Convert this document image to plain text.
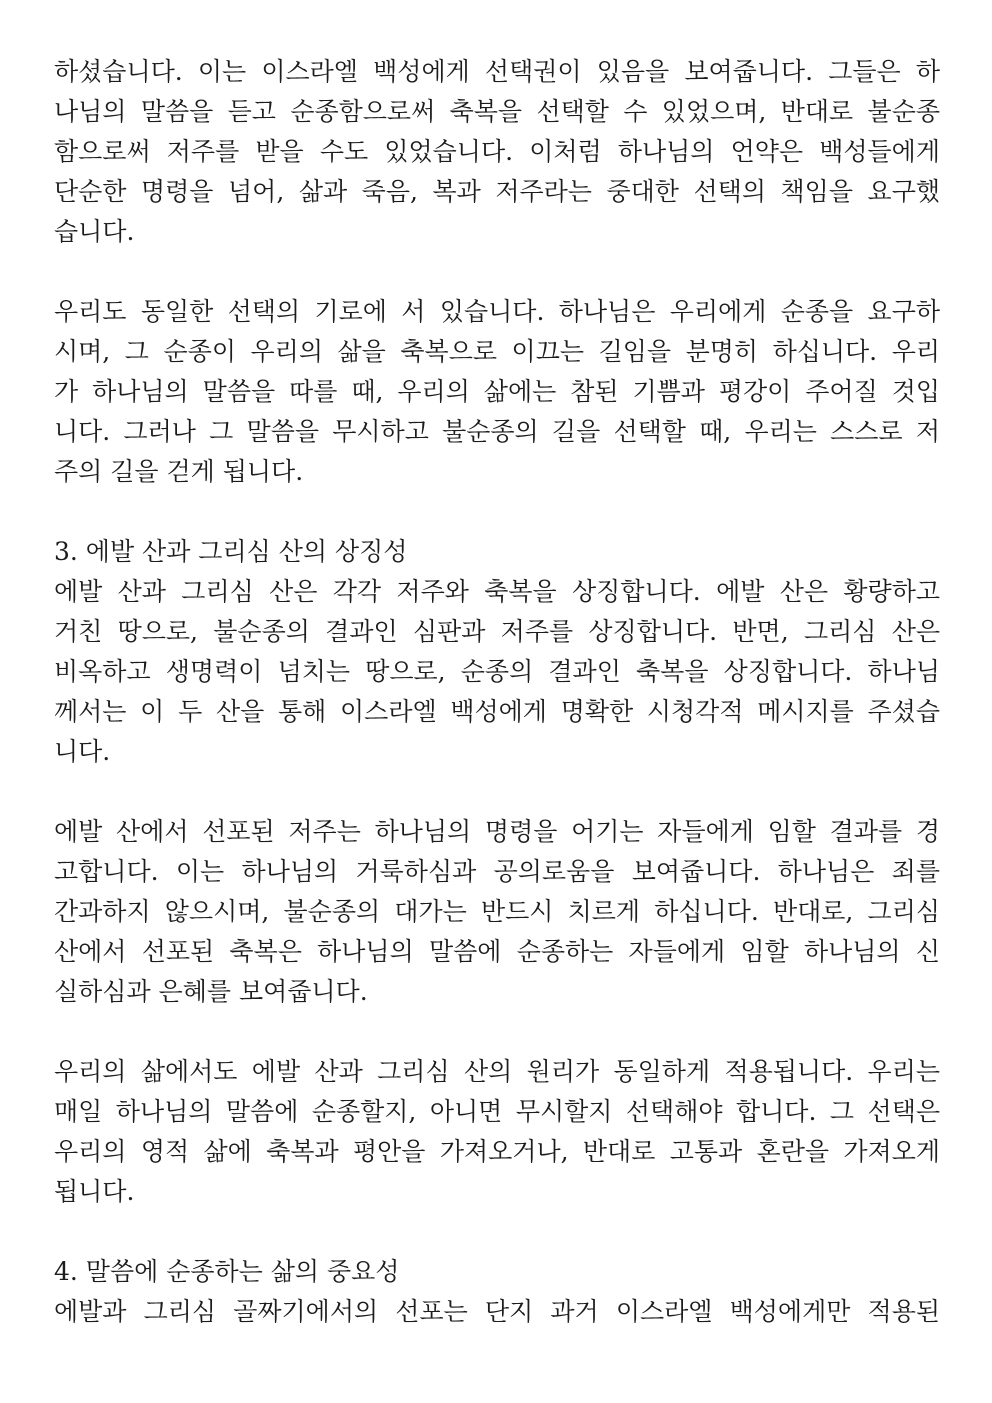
하셨습니다. 이는 이스라엘 백성에게 선택권이 있음을 보여줍니다. 그들은 하
나님의 말씀을 듣고 순종함으로써 축복을 선택할 수 있었으며, 반대로 불순종
함으로써 저주를 받을 수도 있었습니다. 이처럼 하나님의 언약은 백성들에게
단순한 명령을 넘어, 삶과 죽음, 복과 저주라는 중대한 선택의 책임을 요구했
습니다.
우리도 동일한 선택의 기로에 서 있습니다. 하나님은 우리에게 순종을 요구하
시며, 그 순종이 우리의 삶을 축복으로 이끄는 길임을 분명히 하십니다. 우리
가 하나님의 말씀을 따를 때, 우리의 삶에는 참된 기쁨과 평강이 주어질 것입
니다. 그러나 그 말씀을 무시하고 불순종의 길을 선택할 때, 우리는 스스로 저
주의 길을 걷게 됩니다.
3. 에발 산과 그리심 산의 상징성
에발 산과 그리심 산은 각각 저주와 축복을 상징합니다. 에발 산은 황량하고
거친 땅으로, 불순종의 결과인 심판과 저주를 상징합니다. 반면, 그리심 산은
비옥하고 생명력이 넘치는 땅으로, 순종의 결과인 축복을 상징합니다. 하나님
께서는 이 두 산을 통해 이스라엘 백성에게 명확한 시청각적 메시지를 주셨습
니다.
에발 산에서 선포된 저주는 하나님의 명령을 어기는 자들에게 임할 결과를 경
고합니다. 이는 하나님의 거룩하심과 공의로움을 보여줍니다. 하나님은 죄를
간과하지 않으시며, 불순종의 대가는 반드시 치르게 하십니다. 반대로, 그리심
산에서 선포된 축복은 하나님의 말씀에 순종하는 자들에게 임할 하나님의 신
실하심과 은혜를 보여줍니다.
우리의 삶에서도 에발 산과 그리심 산의 원리가 동일하게 적용됩니다. 우리는
매일 하나님의 말씀에 순종할지, 아니면 무시할지 선택해야 합니다. 그 선택은
우리의 영적 삶에 축복과 평안을 가져오거나, 반대로 고통과 혼란을 가져오게
됩니다.
4. 말씀에 순종하는 삶의 중요성
에발과 그리심 골짜기에서의 선포는 단지 과거 이스라엘 백성에게만 적용된
